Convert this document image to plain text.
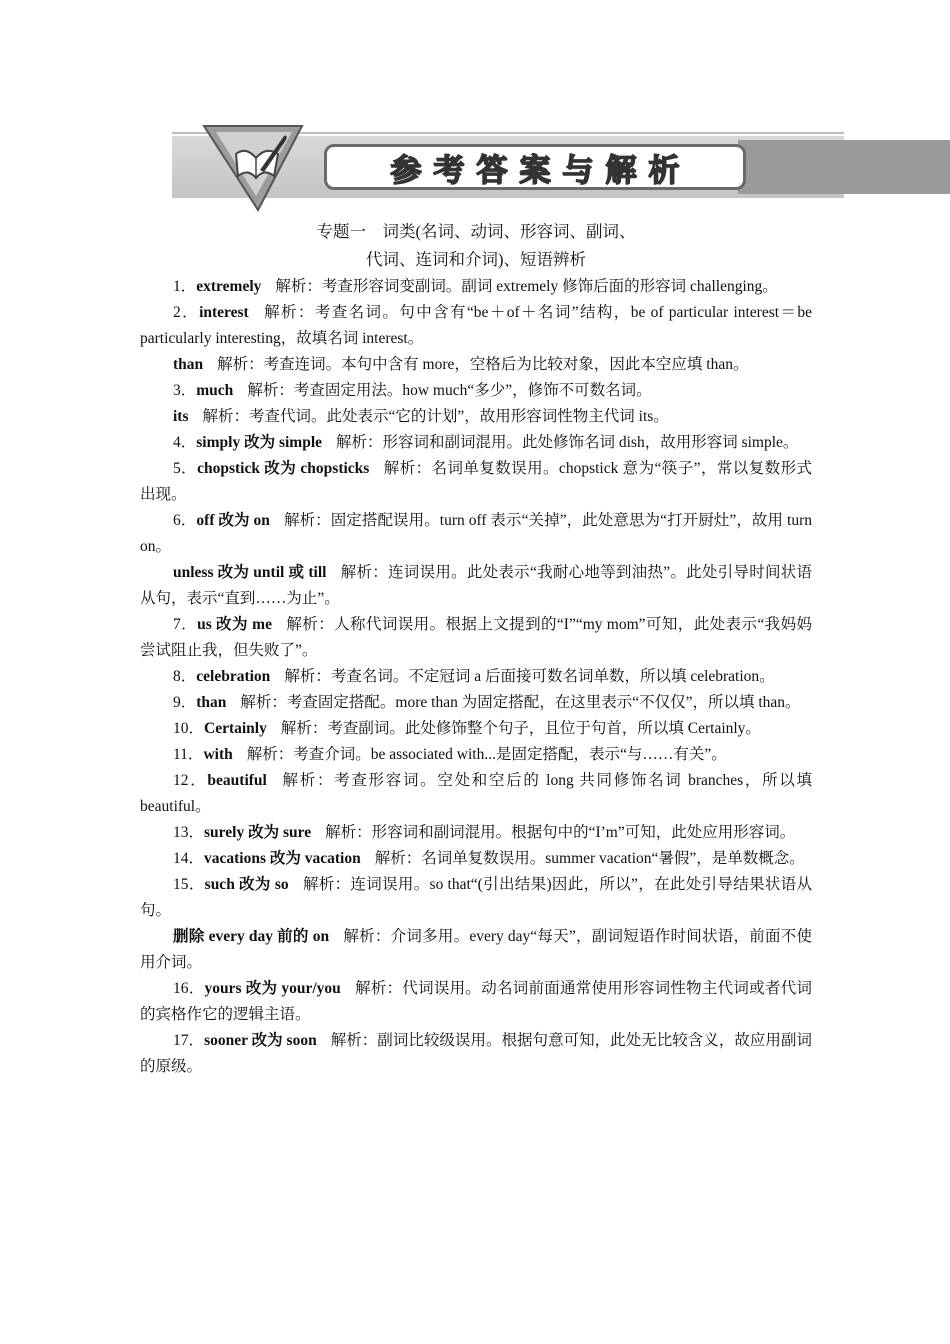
参考答案与解析
专题一　词类(名词、动词、形容词、副词、
代词、连词和介词)、短语辨析

1．extremely 解析：考查形容词变副词。副词 extremely 修饰后面的形容词 challenging。

2．interest 解析：考查名词。句中含有“be＋of＋名词”结构，be of particular interest＝be particularly interesting，故填名词 interest。

than 解析：考查连词。本句中含有 more，空格后为比较对象，因此本空应填 than。

3．much 解析：考查固定用法。how much“多少”，修饰不可数名词。

its 解析：考查代词。此处表示“它的计划”，故用形容词性物主代词 its。

4．simply 改为 simple 解析：形容词和副词混用。此处修饰名词 dish，故用形容词 simple。

5．chopstick 改为 chopsticks 解析：名词单复数误用。chopstick 意为“筷子”，常以复数形式出现。

6．off 改为 on 解析：固定搭配误用。turn off 表示“关掉”，此处意思为“打开厨灶”，故用 turn on。

unless 改为 until 或 till 解析：连词误用。此处表示“我耐心地等到油热”。此处引导时间状语从句，表示“直到……为止”。

7．us 改为 me 解析：人称代词误用。根据上文提到的“I”“my mom”可知，此处表示“我妈妈尝试阻止我，但失败了”。

8．celebration 解析：考查名词。不定冠词 a 后面接可数名词单数，所以填 celebration。

9．than 解析：考查固定搭配。more than 为固定搭配，在这里表示“不仅仅”，所以填 than。

10．Certainly 解析：考查副词。此处修饰整个句子，且位于句首，所以填 Certainly。

11．with 解析：考查介词。be associated with...是固定搭配，表示“与……有关”。

12．beautiful 解析：考查形容词。空处和空后的 long 共同修饰名词 branches，所以填 beautiful。

13．surely 改为 sure 解析：形容词和副词混用。根据句中的“I’m”可知，此处应用形容词。

14．vacations 改为 vacation 解析：名词单复数误用。summer vacation“暑假”，是单数概念。

15．such 改为 so 解析：连词误用。so that“(引出结果)因此，所以”，在此处引导结果状语从句。

删除 every day 前的 on 解析：介词多用。every day“每天”，副词短语作时间状语，前面不使用介词。

16．yours 改为 your/you 解析：代词误用。动名词前面通常使用形容词性物主代词或者代词的宾格作它的逻辑主语。

17．sooner 改为 soon 解析：副词比较级误用。根据句意可知，此处无比较含义，故应用副词的原级。
